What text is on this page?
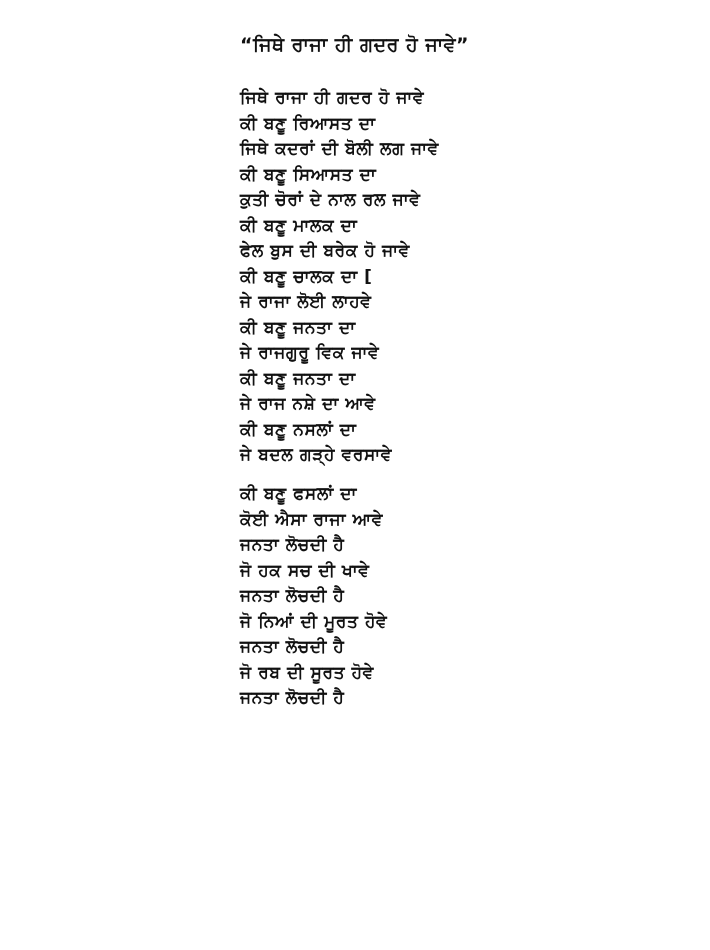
“ਜਿਥੇ ਰਾਜਾ ਹੀ ਗਦਰ ਹੋ ਜਾਵੇ”
ਜਿਥੇ ਰਾਜਾ ਹੀ ਗਦਰ ਹੋ ਜਾਵੇ
ਕੀ ਬਣੂ ਰਿਆਸਤ ਦਾ
ਜਿਥੇ ਕਦਰਾਂ ਦੀ ਬੋਲੀ ਲਗ ਜਾਵੇ
ਕੀ ਬਣੂ ਸਿਆਸਤ ਦਾ
ਕੁਤੀ ਚੋਰਾਂ ਦੇ ਨਾਲ ਰਲ ਜਾਵੇ
ਕੀ ਬਣੂ ਮਾਲਕ ਦਾ
ਫੇਲ ਬੁਸ ਦੀ ਬਰੇਕ ਹੋ ਜਾਵੇ
ਕੀ ਬਣੂ ਚਾਲਕ ਦਾ [
ਜੇ ਰਾਜਾ ਲੋਈ ਲਾਹਵੇ
ਕੀ ਬਣੂ ਜਨਤਾ ਦਾ
ਜੇ ਰਾਜਗੁਰੂ ਵਿਕ ਜਾਵੇ
ਕੀ ਬਣੂ ਜਨਤਾ ਦਾ
ਜੇ ਰਾਜ ਨਸ਼ੇ ਦਾ ਆਵੇ
ਕੀ ਬਣੂ ਨਸਲਾਂ ਦਾ
ਜੇ ਬਦਲ ਗੜ੍ਹੇ ਵਰਸਾਵੇ
ਕੀ ਬਣੂ ਫਸਲਾਂ ਦਾ
ਕੋਈ ਐਸਾ ਰਾਜਾ ਆਵੇ
ਜਨਤਾ ਲੋਚਦੀ ਹੈ
ਜੋ ਹਕ ਸਚ ਦੀ ਖਾਵੇ
ਜਨਤਾ ਲੋਚਦੀ ਹੈ
ਜੋ ਨਿਆਂ ਦੀ ਮੂਰਤ ਹੋਵੇ
ਜਨਤਾ ਲੋਚਦੀ ਹੈ
ਜੋ ਰਬ ਦੀ ਸੂਰਤ ਹੋਵੇ
ਜਨਤਾ ਲੋਚਦੀ ਹੈ
